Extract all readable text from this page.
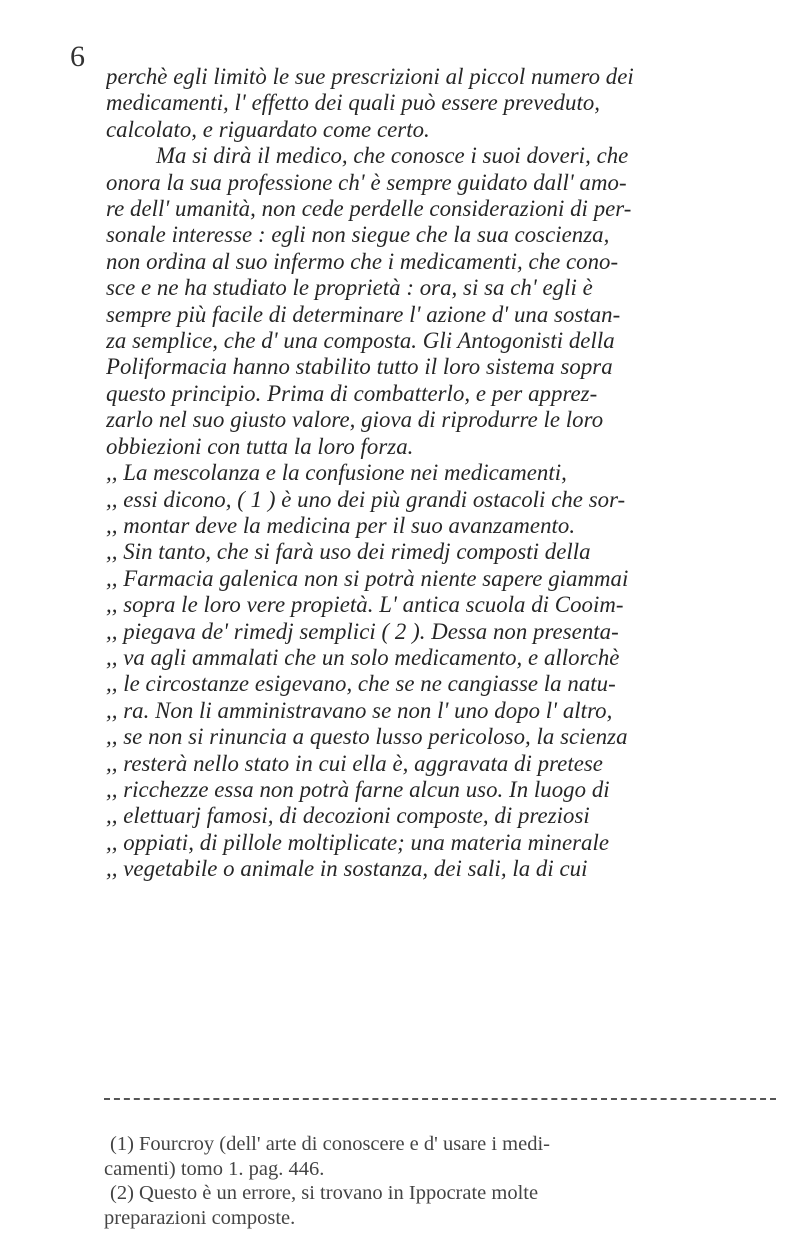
6
perchè egli limitò le sue prescrizioni al piccol numero dei
medicamenti, l' effetto dei quali può essere preveduto,
calcolato, e riguardato come certo.
Ma si dirà il medico, che conosce i suoi doveri, che
onora la sua professione ch' è sempre guidato dall' amo-
re dell' umanità, non cede perdelle considerazioni di per-
sonale interesse : egli non siegue che la sua coscienza,
non ordina al suo infermo che i medicamenti, che cono-
sce e ne ha studiato le proprietà : ora, si sa ch' egli è
sempre più facile di determinare l' azione d' una sostan-
za semplice, che d' una composta. Gli Antogonisti della
Poliformacia hanno stabilito tutto il loro sistema sopra
questo principio. Prima di combatterlo, e per apprez-
zarlo nel suo giusto valore, giova di riprodurre le loro
obbiezioni con tutta la loro forza.
,, La mescolanza e la confusione nei medicamenti,
,, essi dicono, ( 1 ) è uno dei più grandi ostacoli che sor-
,, montar deve la medicina per il suo avanzamento.
,, Sin tanto, che si farà uso dei rimedj composti della
,, Farmacia galenica non si potrà niente sapere giammai
,, sopra le loro vere propietà. L' antica scuola di Cooim-
,, piegava de' rimedj semplici ( 2 ). Dessa non presenta-
,, va agli ammalati che un solo medicamento, e allorchè
,, le circostanze esigevano, che se ne cangiasse la natu-
,, ra. Non li amministravano se non l' uno dopo l' altro,
,, se non si rinuncia a questo lusso pericoloso, la scienza
,, resterà nello stato in cui ella è, aggravata di pretese
,, ricchezze essa non potrà farne alcun uso. In luogo di
,, elettuarj famosi, di decozioni composte, di preziosi
,, oppiati, di pillole moltiplicate; una materia minerale
,, vegetabile o animale in sostanza, dei sali, la di cui
(1) Fourcroy (dell' arte di conoscere e d' usare i medi-
camenti) tomo 1. pag. 446.
(2) Questo è un errore, si trovano in Ippocrate molte
preparazioni composte.
